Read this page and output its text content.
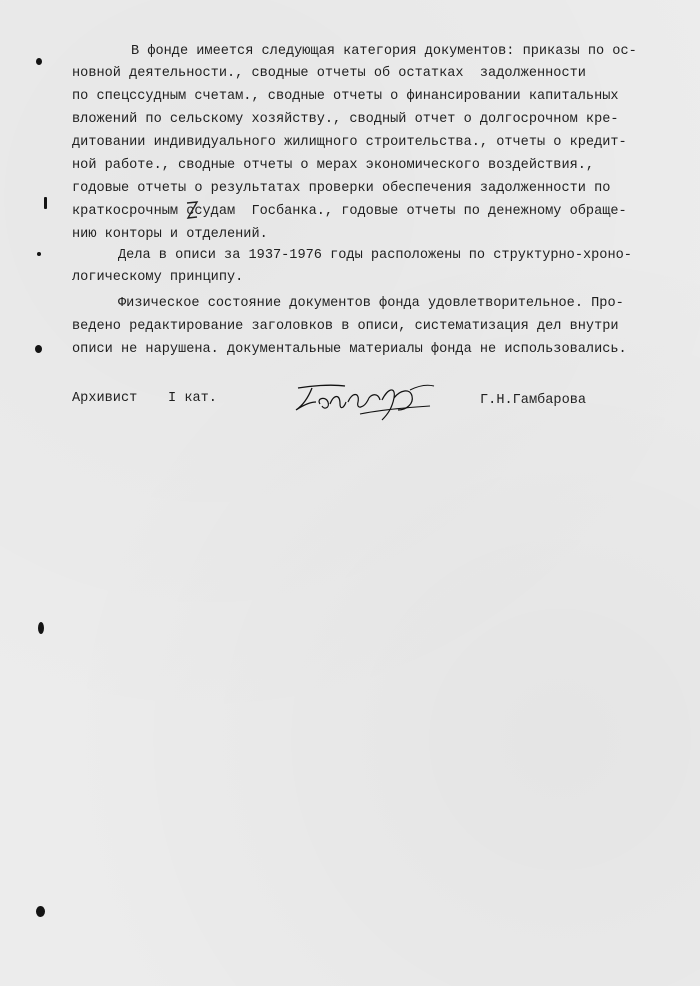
В фонде имеется следующая категория документов: приказы по ос-
новной деятельности., сводные отчеты об остатках  задолженности
по спецссудным счетам., сводные отчеты о финансировании капитальных
вложений по сельскому хозяйству., сводный отчет о долгосрочном кре-
дитовании индивидуального жилищного строительства., отчеты о кредит-
ной работе., сводные отчеты о мерах экономического воздействия.,
годовые отчеты о результатах проверки обеспечения задолженности по
краткосрочным ссудам  Госбанка., годовые отчеты по денежному обраще-
нию конторы и отделений.
Дела в описи за 1937-1976 годы расположены по структурно-хроно-
логическому принципу.
Физическое состояние документов фонда удовлетворительное. Про-
ведено редактирование заголовков в описи, систематизация дел внутри
описи не нарушена. документальные материалы фонда не использовались.
Архивист I кат.	Г.Н.Гамбарова
